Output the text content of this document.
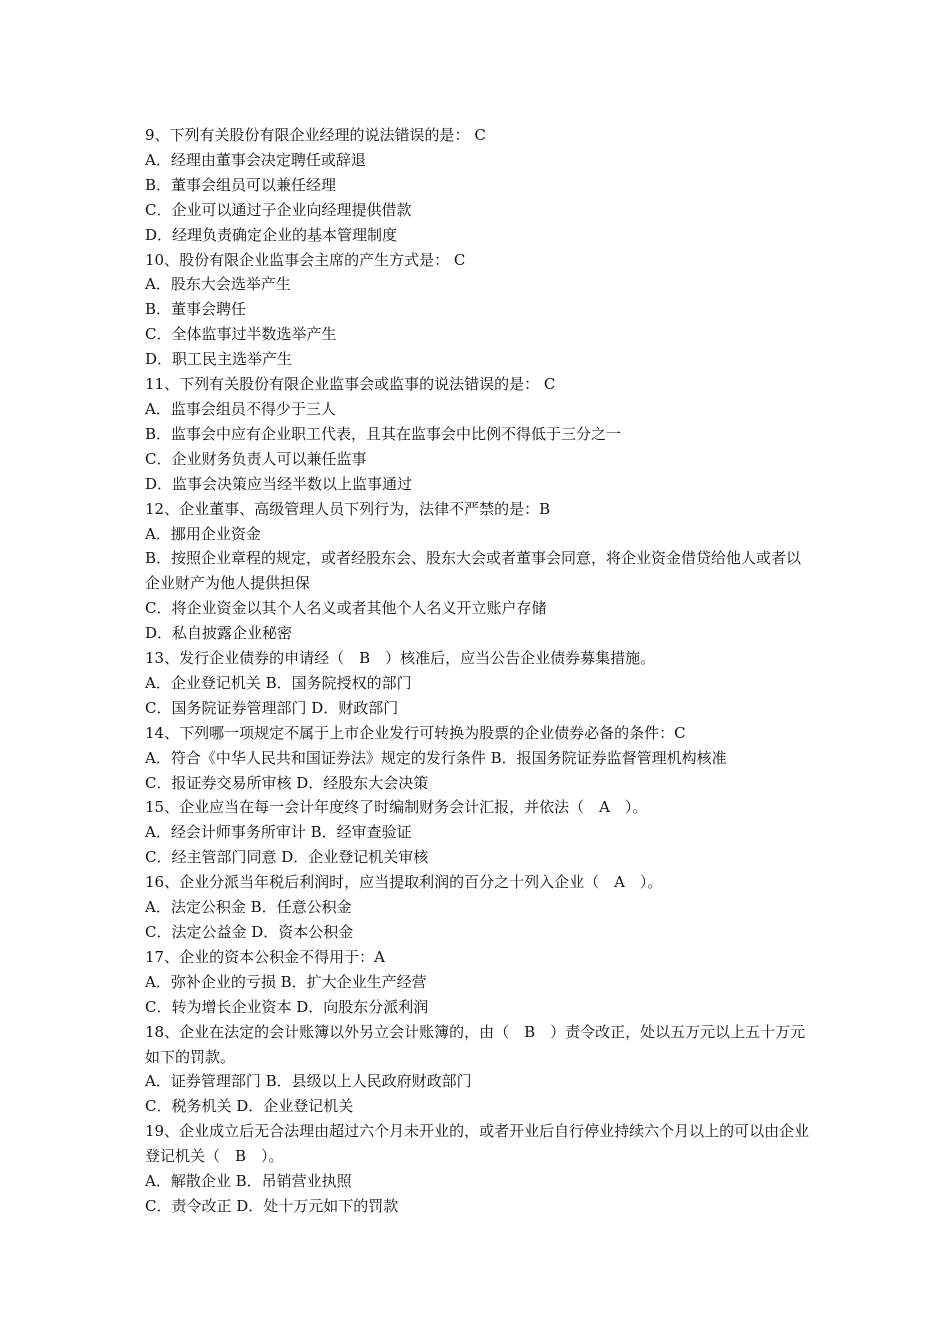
9、下列有关股份有限企业经理的说法错误的是： C
A．经理由董事会决定聘任或辞退
B．董事会组员可以兼任经理
C．企业可以通过子企业向经理提供借款
D．经理负责确定企业的基本管理制度
10、股份有限企业监事会主席的产生方式是： C
A．股东大会选举产生
B．董事会聘任
C．全体监事过半数选举产生
D．职工民主选举产生
11、下列有关股份有限企业监事会或监事的说法错误的是： C
A．监事会组员不得少于三人
B．监事会中应有企业职工代表，且其在监事会中比例不得低于三分之一
C．企业财务负责人可以兼任监事
D．监事会决策应当经半数以上监事通过
12、企业董事、高级管理人员下列行为，法律不严禁的是：B
A．挪用企业资金
B．按照企业章程的规定，或者经股东会、股东大会或者董事会同意，将企业资金借贷给他人或者以企业财产为他人提供担保
C．将企业资金以其个人名义或者其他个人名义开立账户存储
D．私自披露企业秘密
13、发行企业债券的申请经（　B　）核准后，应当公告企业债券募集措施。
A．企业登记机关 B．国务院授权的部门
C．国务院证券管理部门 D．财政部门
14、下列哪一项规定不属于上市企业发行可转换为股票的企业债券必备的条件：C
A．符合《中华人民共和国证券法》规定的发行条件 B．报国务院证券监督管理机构核准
C．报证券交易所审核 D．经股东大会决策
15、企业应当在每一会计年度终了时编制财务会计汇报，并依法（　A　）。
A．经会计师事务所审计 B．经审查验证
C．经主管部门同意 D．企业登记机关审核
16、企业分派当年税后利润时，应当提取利润的百分之十列入企业（　A　）。
A．法定公积金 B．任意公积金
C．法定公益金 D．资本公积金
17、企业的资本公积金不得用于：A
A．弥补企业的亏损 B．扩大企业生产经营
C．转为增长企业资本 D．向股东分派利润
18、企业在法定的会计账簿以外另立会计账簿的，由（　B　）责令改正，处以五万元以上五十万元如下的罚款。
A．证券管理部门 B．县级以上人民政府财政部门
C．税务机关 D．企业登记机关
19、企业成立后无合法理由超过六个月未开业的，或者开业后自行停业持续六个月以上的可以由企业登记机关（　B　）。
A．解散企业 B．吊销营业执照
C．责令改正 D．处十万元如下的罚款
